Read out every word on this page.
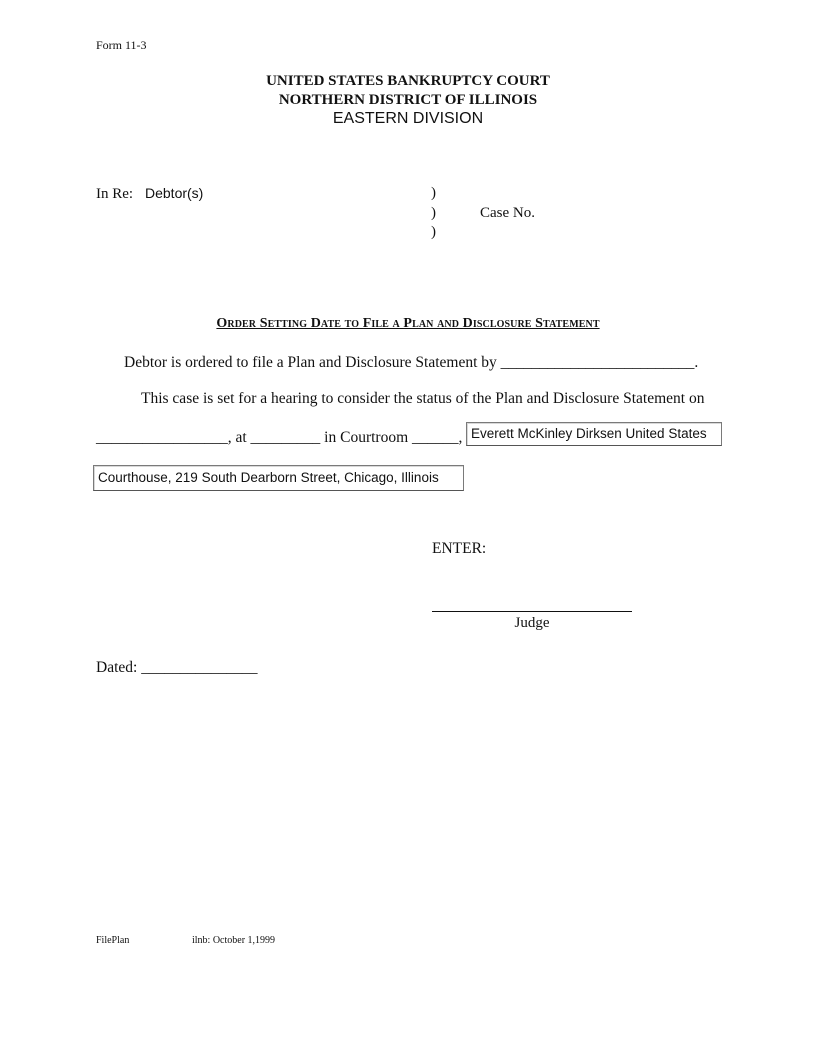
Form 11-3
UNITED STATES BANKRUPTCY COURT
NORTHERN DISTRICT OF ILLINOIS
EASTERN DIVISION
In Re: Debtor(s)	)
)
)
Case No.
Order Setting Date to File a Plan and Disclosure Statement
Debtor is ordered to file a Plan and Disclosure Statement by _________________________.
This case is set for a hearing to consider the status of the Plan and Disclosure Statement on
_________________, at _________ in Courtroom ______, Everett McKinley Dirksen United States
Courthouse, 219 South Dearborn Street, Chicago, Illinois
ENTER:
Judge
Dated: _______________
FilePlan	ilnb: October 1,1999
